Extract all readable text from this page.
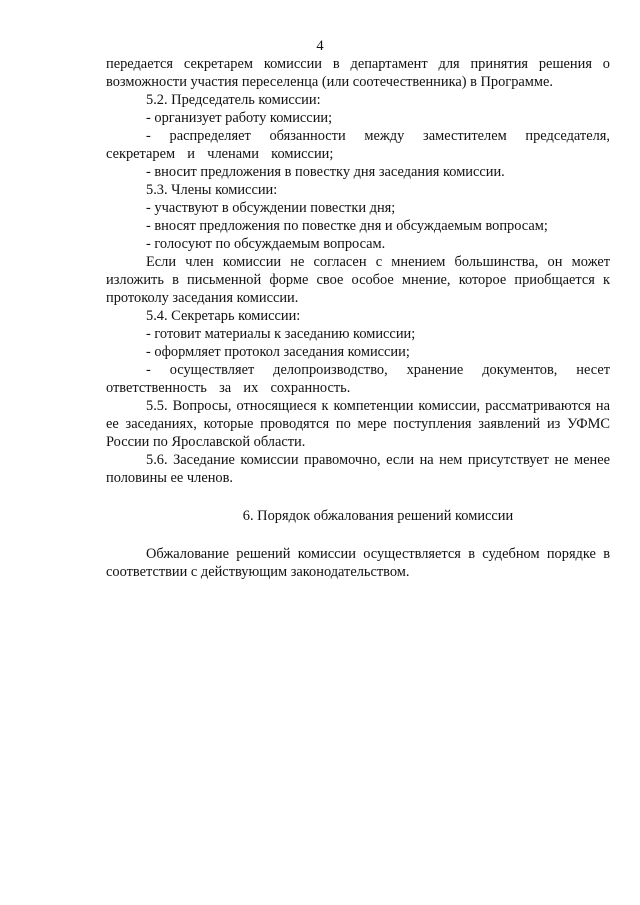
4

передается секретарем комиссии в департамент для принятия решения о возможности участия переселенца (или соотечественника) в Программе.

5.2. Председатель комиссии:

- организует работу комиссии;

- распределяет обязанности между заместителем председателя, секретарем и членами комиссии;

- вносит предложения в повестку дня заседания комиссии.

5.3. Члены комиссии:

- участвуют в обсуждении повестки дня;

- вносят предложения по повестке дня и обсуждаемым вопросам;

- голосуют по обсуждаемым вопросам.

Если член комиссии не согласен с мнением большинства, он может изложить в письменной форме свое особое мнение, которое приобщается к протоколу заседания комиссии.

5.4. Секретарь комиссии:

- готовит материалы к заседанию комиссии;

- оформляет протокол заседания комиссии;

- осуществляет делопроизводство, хранение документов, несет ответственность за их сохранность.

5.5. Вопросы, относящиеся к компетенции комиссии, рассматриваются на ее заседаниях, которые проводятся по мере поступления заявлений из УФМС России по Ярославской области.

5.6. Заседание комиссии правомочно, если на нем присутствует не менее половины ее членов.

6. Порядок обжалования решений комиссии

Обжалование решений комиссии осуществляется в судебном порядке в соответствии с действующим законодательством.
